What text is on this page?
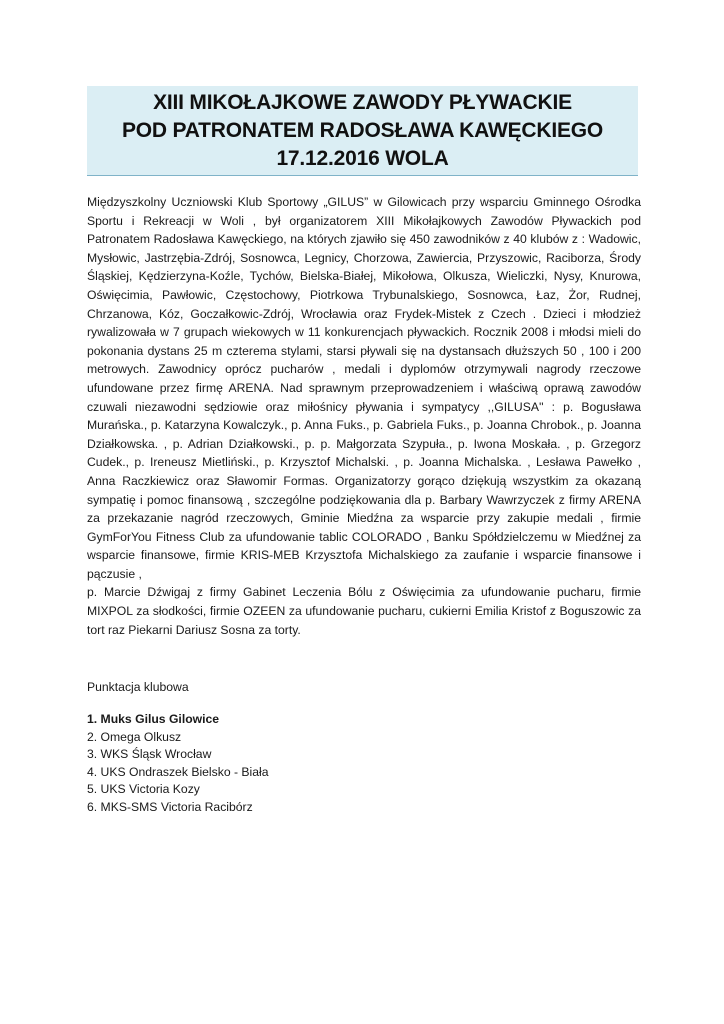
XIII MIKOŁAJKOWE ZAWODY PŁYWACKIE
POD PATRONATEM RADOSŁAWA KAWĘCKIEGO
17.12.2016 WOLA

Międzyszkolny Uczniowski Klub Sportowy „GILUS” w Gilowicach przy wsparciu Gminnego Ośrodka Sportu i Rekreacji w Woli , był organizatorem XIII Mikołajkowych Zawodów Pływackich pod Patronatem Radosława Kawęckiego, na których zjawiło się 450 zawodników z 40 klubów z : Wadowic, Mysłowic, Jastrzębia-Zdrój, Sosnowca, Legnicy, Chorzowa, Zawiercia, Przyszowic, Raciborza, Środy Śląskiej, Kędzierzyna-Koźle, Tychów, Bielska-Białej, Mikołowa, Olkusza, Wieliczki, Nysy, Knurowa, Oświęcimia, Pawłowic, Częstochowy, Piotrkowa Trybunalskiego, Sosnowca, Łaz, Żor, Rudnej, Chrzanowa, Kóz, Goczałkowic-Zdrój, Wrocławia oraz Frydek-Mistek z Czech . Dzieci i młodzież rywalizowała w 7 grupach wiekowych w 11 konkurencjach pływackich. Rocznik 2008 i młodsi mieli do pokonania dystans 25 m czterema stylami, starsi pływali się na dystansach dłuższych 50 , 100 i 200 metrowych. Zawodnicy oprócz pucharów , medali i dyplomów otrzymywali nagrody rzeczowe ufundowane przez firmę ARENA. Nad sprawnym przeprowadzeniem i właściwą oprawą zawodów czuwali niezawodni sędziowie oraz miłośnicy pływania i sympatycy ,,GILUSA'' : p. Bogusława Murańska., p. Katarzyna Kowalczyk., p. Anna Fuks., p. Gabriela Fuks., p. Joanna Chrobok., p. Joanna Działkowska. , p. Adrian Działkowski., p. p. Małgorzata Szypuła., p. Iwona Moskała. , p. Grzegorz Cudek., p. Ireneusz Mietliński., p. Krzysztof Michalski. , p. Joanna Michalska. , Lesława Pawełko , Anna Raczkiewicz oraz Sławomir Formas. Organizatorzy gorąco dziękują wszystkim za okazaną sympatię i pomoc finansową , szczególne podziękowania dla p. Barbary Wawrzyczek z firmy ARENA za przekazanie nagród rzeczowych, Gminie Miedźna za wsparcie przy zakupie medali , firmie GymForYou Fitness Club za ufundowanie tablic COLORADO , Banku Spółdzielczemu w Miedźnej za wsparcie finansowe, firmie KRIS-MEB Krzysztofa Michalskiego za zaufanie i wsparcie finansowe i pączusie ,

p. Marcie Dźwigaj z firmy Gabinet Leczenia Bólu z Oświęcimia za ufundowanie pucharu, firmie MIXPOL za słodkości, firmie OZEEN za ufundowanie pucharu, cukierni Emilia Kristof z Boguszowic za tort raz Piekarni Dariusz Sosna za torty.

Punktacja klubowa
1. Muks Gilus Gilowice
2. Omega Olkusz
3. WKS Śląsk Wrocław
4. UKS Ondraszek Bielsko - Biała
5. UKS Victoria Kozy
6. MKS-SMS Victoria Racibórz
